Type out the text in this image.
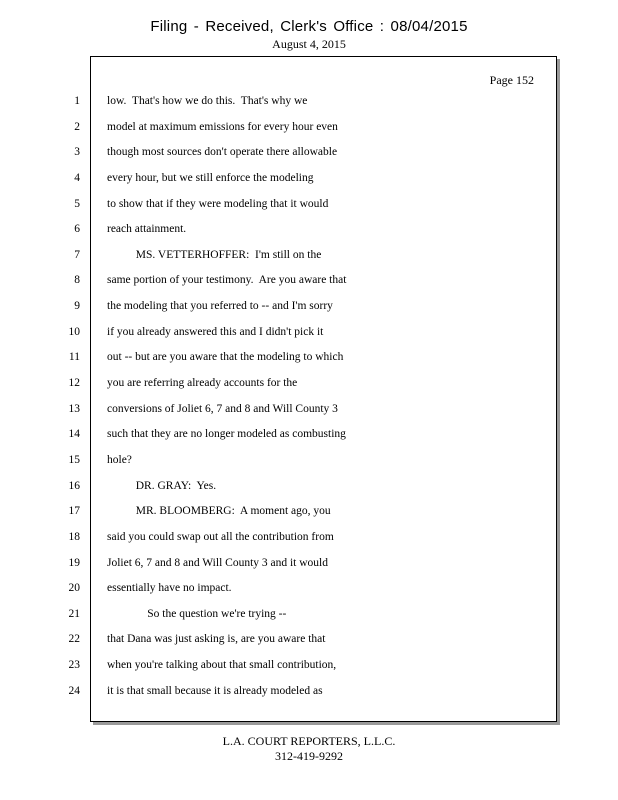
Filing - Received, Clerk's Office : 08/04/2015
August 4, 2015
Page 152
1
2
3
4
5
6
7
8
9
10
11
12
13
14
15
16
17
18
19
20
21
22
23
24
low.  That's how we do this.  That's why we
model at maximum emissions for every hour even
though most sources don't operate there allowable
every hour, but we still enforce the modeling
to show that if they were modeling that it would
reach attainment.
MS. VETTERHOFFER:  I'm still on the
same portion of your testimony.  Are you aware that
the modeling that you referred to -- and I'm sorry
if you already answered this and I didn't pick it
out -- but are you aware that the modeling to which
you are referring already accounts for the
conversions of Joliet 6, 7 and 8 and Will County 3
such that they are no longer modeled as combusting
hole?
DR. GRAY:  Yes.
MR. BLOOMBERG:  A moment ago, you
said you could swap out all the contribution from
Joliet 6, 7 and 8 and Will County 3 and it would
essentially have no impact.
So the question we're trying --
that Dana was just asking is, are you aware that
when you're talking about that small contribution,
it is that small because it is already modeled as
L.A. COURT REPORTERS, L.L.C.
312-419-9292
